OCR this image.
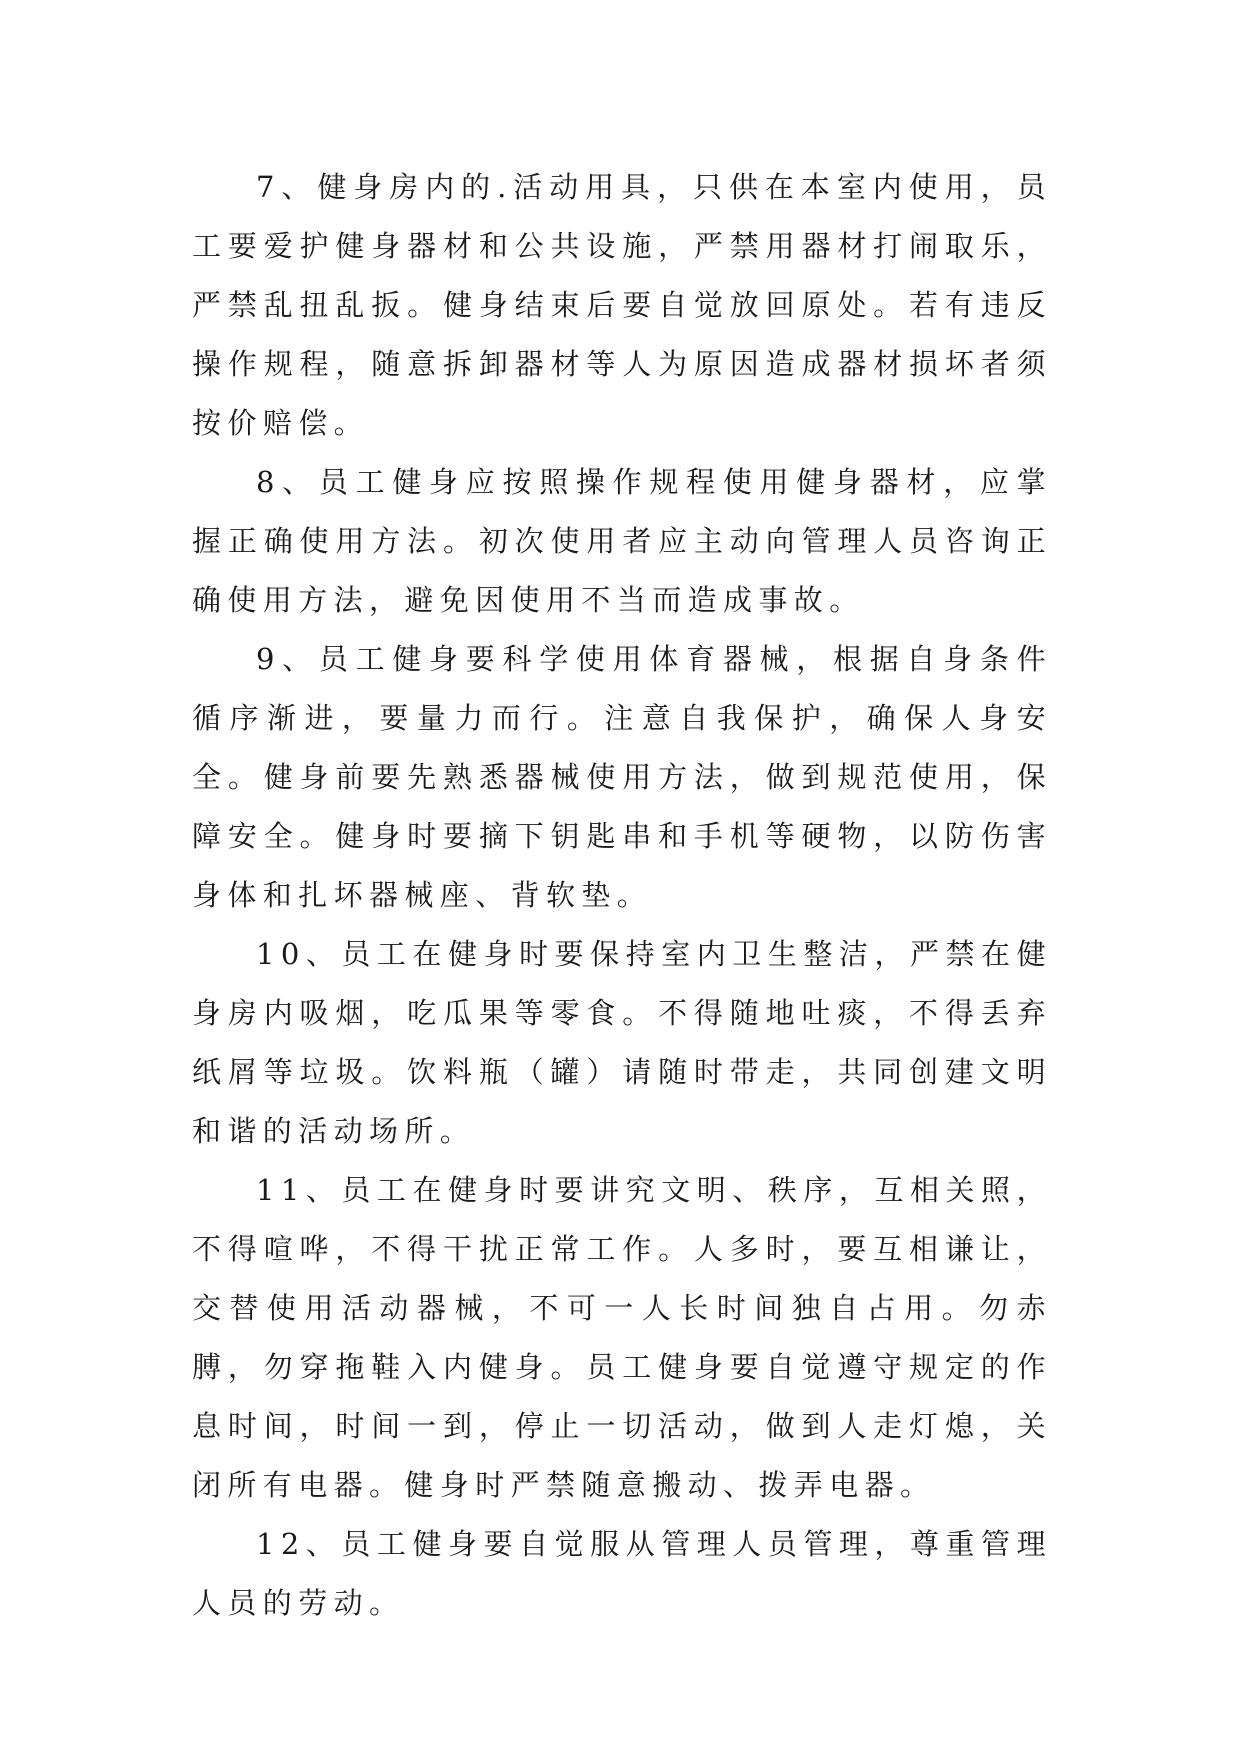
7、健身房内的.活动用具，只供在本室内使用，员工要爱护健身器材和公共设施，严禁用器材打闹取乐，严禁乱扭乱扳。健身结束后要自觉放回原处。若有违反操作规程，随意拆卸器材等人为原因造成器材损坏者须按价赔偿。

8、员工健身应按照操作规程使用健身器材，应掌握正确使用方法。初次使用者应主动向管理人员咨询正确使用方法，避免因使用不当而造成事故。

9、员工健身要科学使用体育器械，根据自身条件循序渐进，要量力而行。注意自我保护，确保人身安全。健身前要先熟悉器械使用方法，做到规范使用，保障安全。健身时要摘下钥匙串和手机等硬物，以防伤害身体和扎坏器械座、背软垫。

10、员工在健身时要保持室内卫生整洁，严禁在健身房内吸烟，吃瓜果等零食。不得随地吐痰，不得丢弃纸屑等垃圾。饮料瓶（罐）请随时带走，共同创建文明和谐的活动场所。

11、员工在健身时要讲究文明、秩序，互相关照，不得喧哗，不得干扰正常工作。人多时，要互相谦让，交替使用活动器械，不可一人长时间独自占用。勿赤膊，勿穿拖鞋入内健身。员工健身要自觉遵守规定的作息时间，时间一到，停止一切活动，做到人走灯熄，关闭所有电器。健身时严禁随意搬动、拨弄电器。

12、员工健身要自觉服从管理人员管理，尊重管理人员的劳动。
